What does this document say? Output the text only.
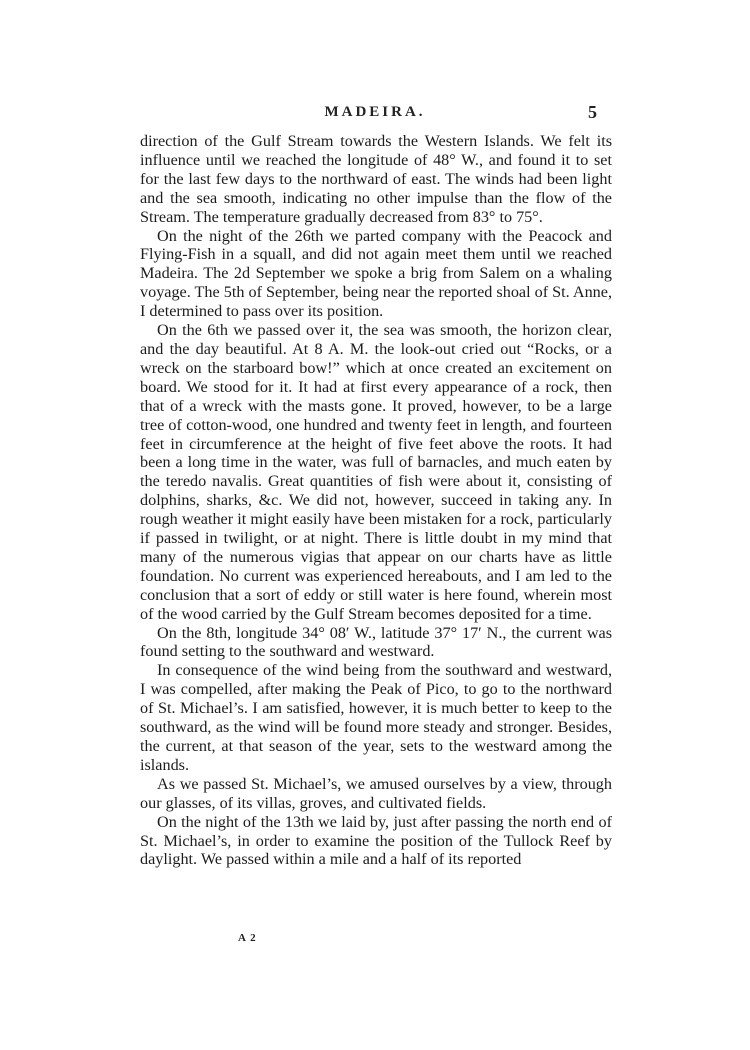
MADEIRA.	5

direction of the Gulf Stream towards the Western Islands. We felt its influence until we reached the longitude of 48° W., and found it to set for the last few days to the northward of east. The winds had been light and the sea smooth, indicating no other impulse than the flow of the Stream. The temperature gradually decreased from 83° to 75°.

On the night of the 26th we parted company with the Peacock and Flying-Fish in a squall, and did not again meet them until we reached Madeira. The 2d September we spoke a brig from Salem on a whaling voyage. The 5th of September, being near the reported shoal of St. Anne, I determined to pass over its position.

On the 6th we passed over it, the sea was smooth, the horizon clear, and the day beautiful. At 8 A. M. the look-out cried out “Rocks, or a wreck on the starboard bow!” which at once created an excitement on board. We stood for it. It had at first every appearance of a rock, then that of a wreck with the masts gone. It proved, however, to be a large tree of cotton-wood, one hundred and twenty feet in length, and fourteen feet in circumference at the height of five feet above the roots. It had been a long time in the water, was full of barnacles, and much eaten by the teredo navalis. Great quantities of fish were about it, consisting of dolphins, sharks, &c. We did not, however, succeed in taking any. In rough weather it might easily have been mistaken for a rock, particularly if passed in twilight, or at night. There is little doubt in my mind that many of the numerous vigias that appear on our charts have as little foundation. No current was experienced hereabouts, and I am led to the conclusion that a sort of eddy or still water is here found, wherein most of the wood carried by the Gulf Stream becomes deposited for a time.

On the 8th, longitude 34° 08′ W., latitude 37° 17′ N., the current was found setting to the southward and westward.

In consequence of the wind being from the southward and westward, I was compelled, after making the Peak of Pico, to go to the northward of St. Michael’s. I am satisfied, however, it is much better to keep to the southward, as the wind will be found more steady and stronger. Besides, the current, at that season of the year, sets to the westward among the islands.

As we passed St. Michael’s, we amused ourselves by a view, through our glasses, of its villas, groves, and cultivated fields.

On the night of the 13th we laid by, just after passing the north end of St. Michael’s, in order to examine the position of the Tullock Reef by daylight. We passed within a mile and a half of its reported

A 2
